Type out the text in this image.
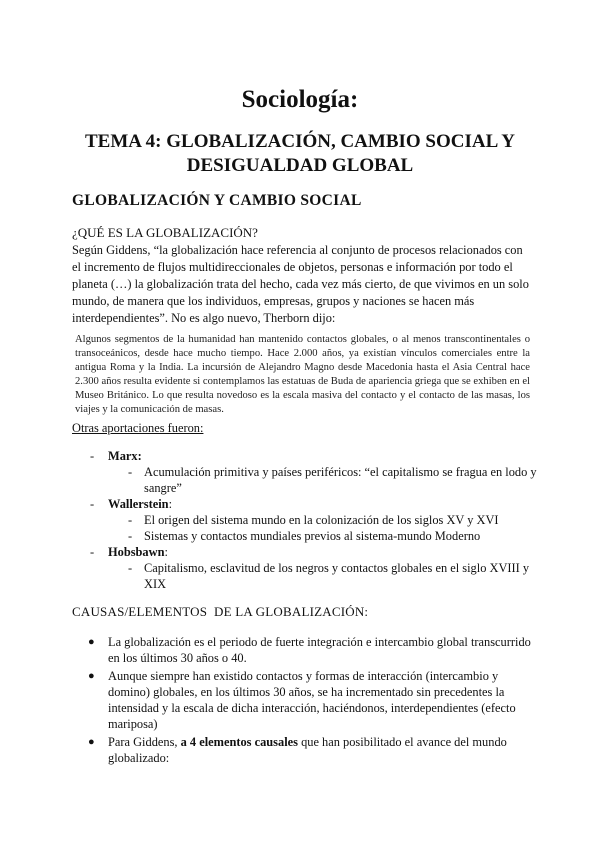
Sociología:
TEMA 4: GLOBALIZACIÓN, CAMBIO SOCIAL Y DESIGUALDAD GLOBAL
GLOBALIZACIÓN Y CAMBIO SOCIAL
¿QUÉ ES LA GLOBALIZACIÓN?
Según Giddens, “la globalización hace referencia al conjunto de procesos relacionados con el incremento de flujos multidireccionales de objetos, personas e información por todo el planeta (…) la globalización trata del hecho, cada vez más cierto, de que vivimos en un solo mundo, de manera que los individuos, empresas, grupos y naciones se hacen más interdependientes”. No es algo nuevo, Therborn dijo:
Algunos segmentos de la humanidad han mantenido contactos globales, o al menos transcontinentales o transoceánicos, desde hace mucho tiempo. Hace 2.000 años, ya existían vínculos comerciales entre la antigua Roma y la India. La incursión de Alejandro Magno desde Macedonia hasta el Asia Central hace 2.300 años resulta evidente si contemplamos las estatuas de Buda de apariencia griega que se exhiben en el Museo Británico. Lo que resulta novedoso es la escala masiva del contacto y el contacto de las masas, los viajes y la comunicación de masas.
Otras aportaciones fueron:
- Marx:
- Acumulación primitiva y países periféricos: “el capitalismo se fragua en lodo y sangre”
- Wallerstein:
- El origen del sistema mundo en la colonización de los siglos XV y XVI
- Sistemas y contactos mundiales previos al sistema-mundo Moderno
- Hobsbawn:
- Capitalismo, esclavitud de los negros y contactos globales en el siglo XVIII y XIX
CAUSAS/ELEMENTOS  DE LA GLOBALIZACIÓN:
● La globalización es el periodo de fuerte integración e intercambio global transcurrido en los últimos 30 años o 40.
● Aunque siempre han existido contactos y formas de interacción (intercambio y domino) globales, en los últimos 30 años, se ha incrementado sin precedentes la intensidad y la escala de dicha interacción, haciéndonos, interdependientes (efecto mariposa)
● Para Giddens, a 4 elementos causales que han posibilitado el avance del mundo globalizado:
